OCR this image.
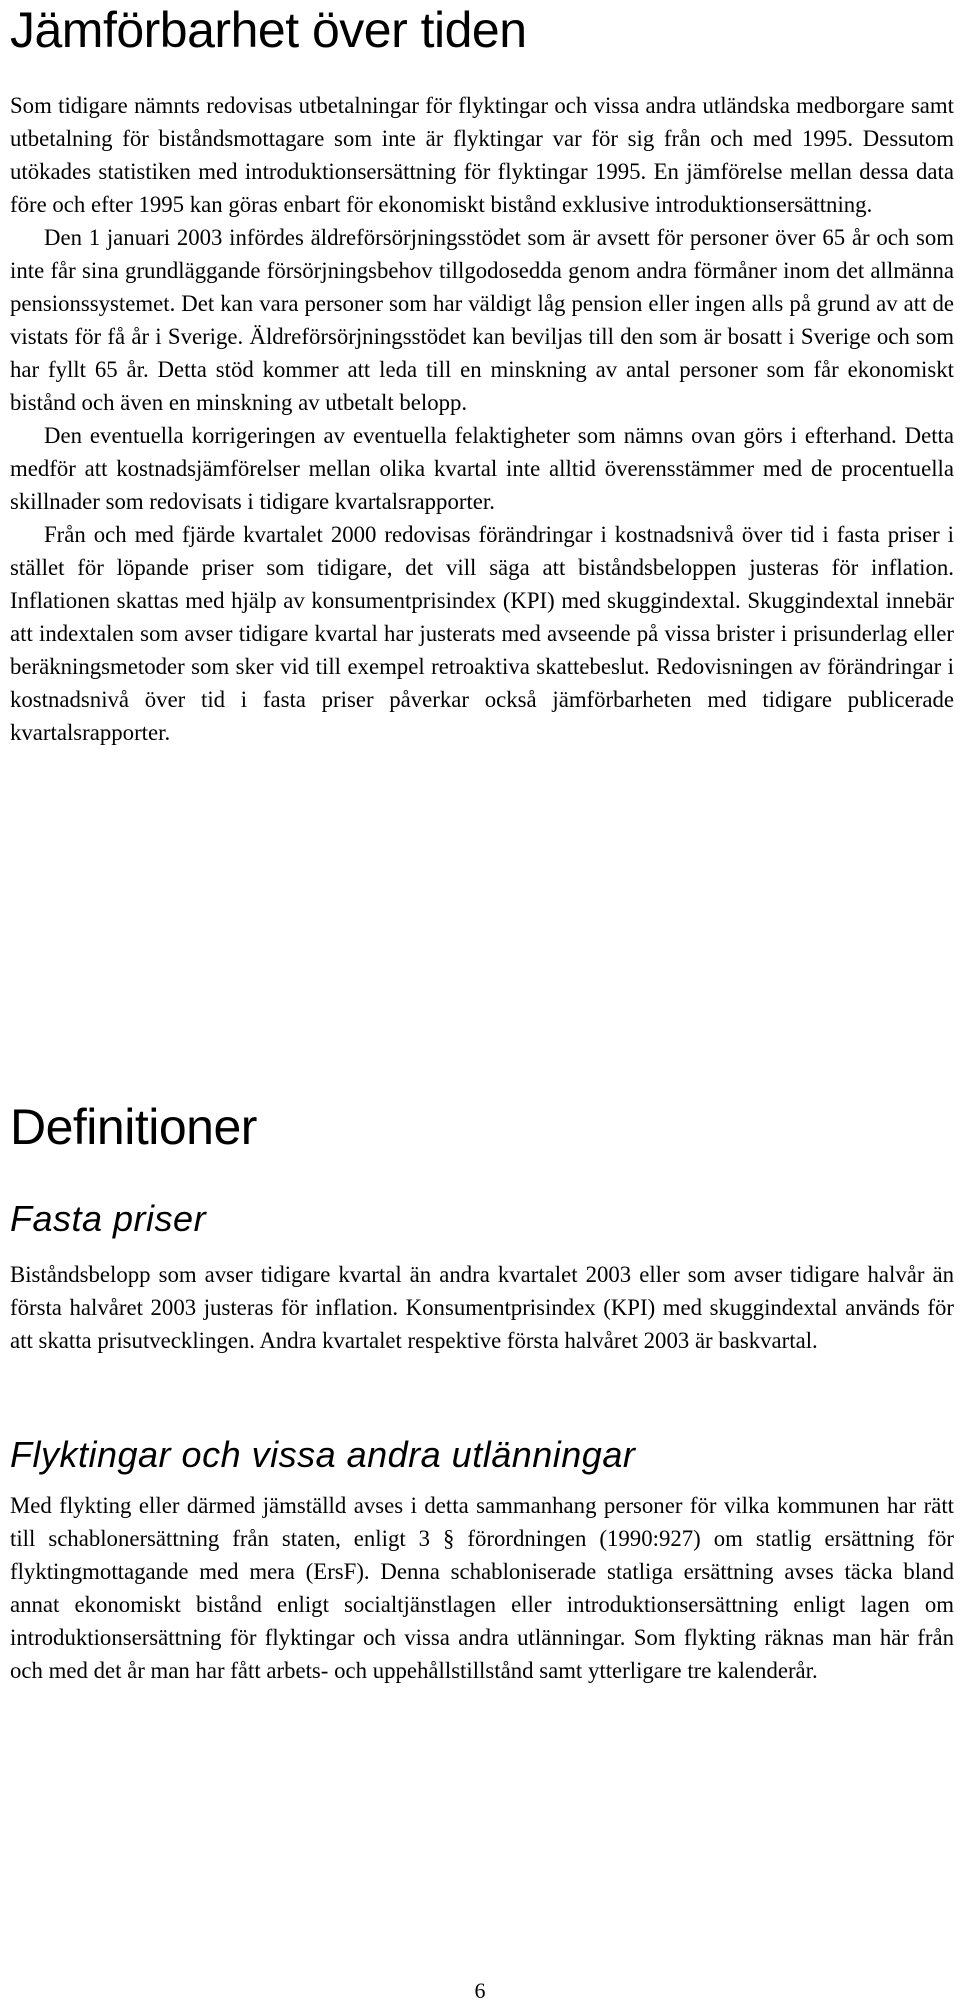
Jämförbarhet över tiden

Som tidigare nämnts redovisas utbetalningar för flyktingar och vissa andra utländska medborgare samt utbetalning för biståndsmottagare som inte är flyktingar var för sig från och med 1995. Dessutom utökades statistiken med introduktionsersättning för flyktingar 1995. En jämförelse mellan dessa data före och efter 1995 kan göras enbart för ekonomiskt bistånd exklusive introduktionsersättning.

Den 1 januari 2003 infördes äldreförsörjningsstödet som är avsett för personer över 65 år och som inte får sina grundläggande försörjningsbehov tillgodosedda genom andra förmåner inom det allmänna pensionssystemet. Det kan vara personer som har väldigt låg pension eller ingen alls på grund av att de vistats för få år i Sverige. Äldreförsörjningsstödet kan beviljas till den som är bosatt i Sverige och som har fyllt 65 år. Detta stöd kommer att leda till en minskning av antal personer som får ekonomiskt bistånd och även en minskning av utbetalt belopp.

Den eventuella korrigeringen av eventuella felaktigheter som nämns ovan görs i efterhand. Detta medför att kostnadsjämförelser mellan olika kvartal inte alltid överensstämmer med de procentuella skillnader som redovisats i tidigare kvartalsrapporter.

Från och med fjärde kvartalet 2000 redovisas förändringar i kostnadsnivå över tid i fasta priser i stället för löpande priser som tidigare, det vill säga att biståndsbeloppen justeras för inflation. Inflationen skattas med hjälp av konsumentprisindex (KPI) med skuggindextal. Skuggindextal innebär att indextalen som avser tidigare kvartal har justerats med avseende på vissa brister i prisunderlag eller beräkningsmetoder som sker vid till exempel retroaktiva skattebeslut. Redovisningen av förändringar i kostnadsnivå över tid i fasta priser påverkar också jämförbarheten med tidigare publicerade kvartalsrapporter.

Definitioner
Fasta priser

Biståndsbelopp som avser tidigare kvartal än andra kvartalet 2003 eller som avser tidigare halvår än första halvåret 2003 justeras för inflation. Konsumentprisindex (KPI) med skuggindextal används för att skatta prisutvecklingen. Andra kvartalet respektive första halvåret 2003 är baskvartal.

Flyktingar och vissa andra utlänningar

Med flykting eller därmed jämställd avses i detta sammanhang personer för vilka kommunen har rätt till schablonersättning från staten, enligt 3 § förordningen (1990:927) om statlig ersättning för flyktingmottagande med mera (ErsF). Denna schabloniserade statliga ersättning avses täcka bland annat ekonomiskt bistånd enligt socialtjänstlagen eller introduktionsersättning enligt lagen om introduktionsersättning för flyktingar och vissa andra utlänningar. Som flykting räknas man här från och med det år man har fått arbets- och uppehållstillstånd samt ytterligare tre kalenderår.

6
